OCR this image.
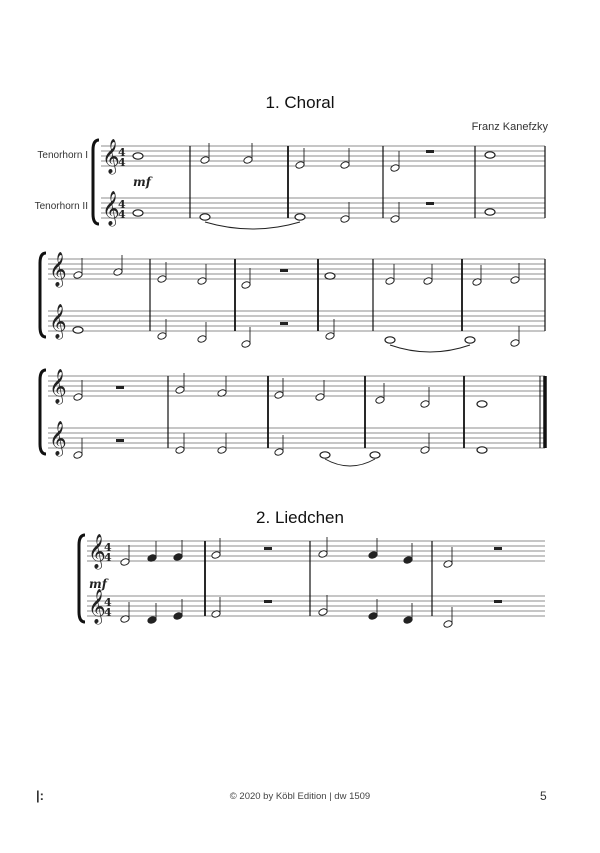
1. Choral
Franz Kanefzky
Tenorhorn I
Tenorhorn II
2. Liedchen
𝄞
𝄞
4
4
4
4
𝄞
𝄞
𝄞
𝄞
𝄞
𝄞
4
4
4
4
mf
mf
|:	© 2020 by Köbl Edition | dw 1509	5
